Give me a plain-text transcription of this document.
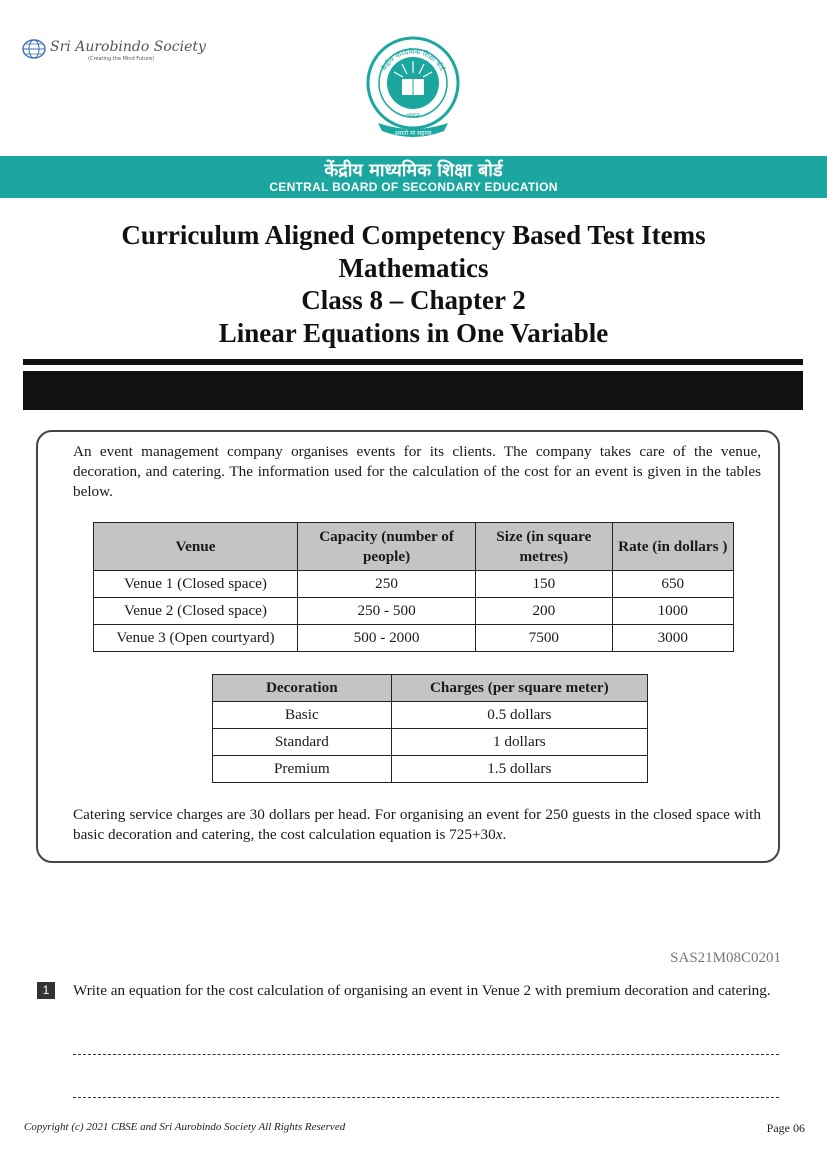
Sri Aurobindo Society
(Creating the Mind Future)
केंद्रीय माध्यमिक शिक्षा बोर्ड
भारत
असतो मा सद्गमय
केंद्रीय माध्यमिक शिक्षा बोर्ड
CENTRAL BOARD OF SECONDARY EDUCATION
Curriculum Aligned Competency Based Test Items
Mathematics
Class 8 – Chapter 2
Linear Equations in One Variable
An event management company organises events for its clients. The company takes care of the venue, decoration, and catering. The information used for the calculation of the cost for an event is given in the tables below.
Venue	Capacity (number of people)	Size (in square metres)	Rate (in dollars )
Venue 1 (Closed space)	250	150	650
Venue 2 (Closed space)	250 - 500	200	1000
Venue 3 (Open courtyard)	500 - 2000	7500	3000
Decoration	Charges (per square meter)
Basic	0.5 dollars
Standard	1 dollars
Premium	1.5 dollars
Catering service charges are 30 dollars per head. For organising an event for 250 guests in the closed space with basic decoration and catering, the cost calculation equation is 725+30x.
SAS21M08C0201
1	Write an equation for the cost calculation of organising an event in Venue 2 with premium decoration and catering.
Copyright (c) 2021 CBSE and Sri Aurobindo Society All Rights Reserved	Page 06
